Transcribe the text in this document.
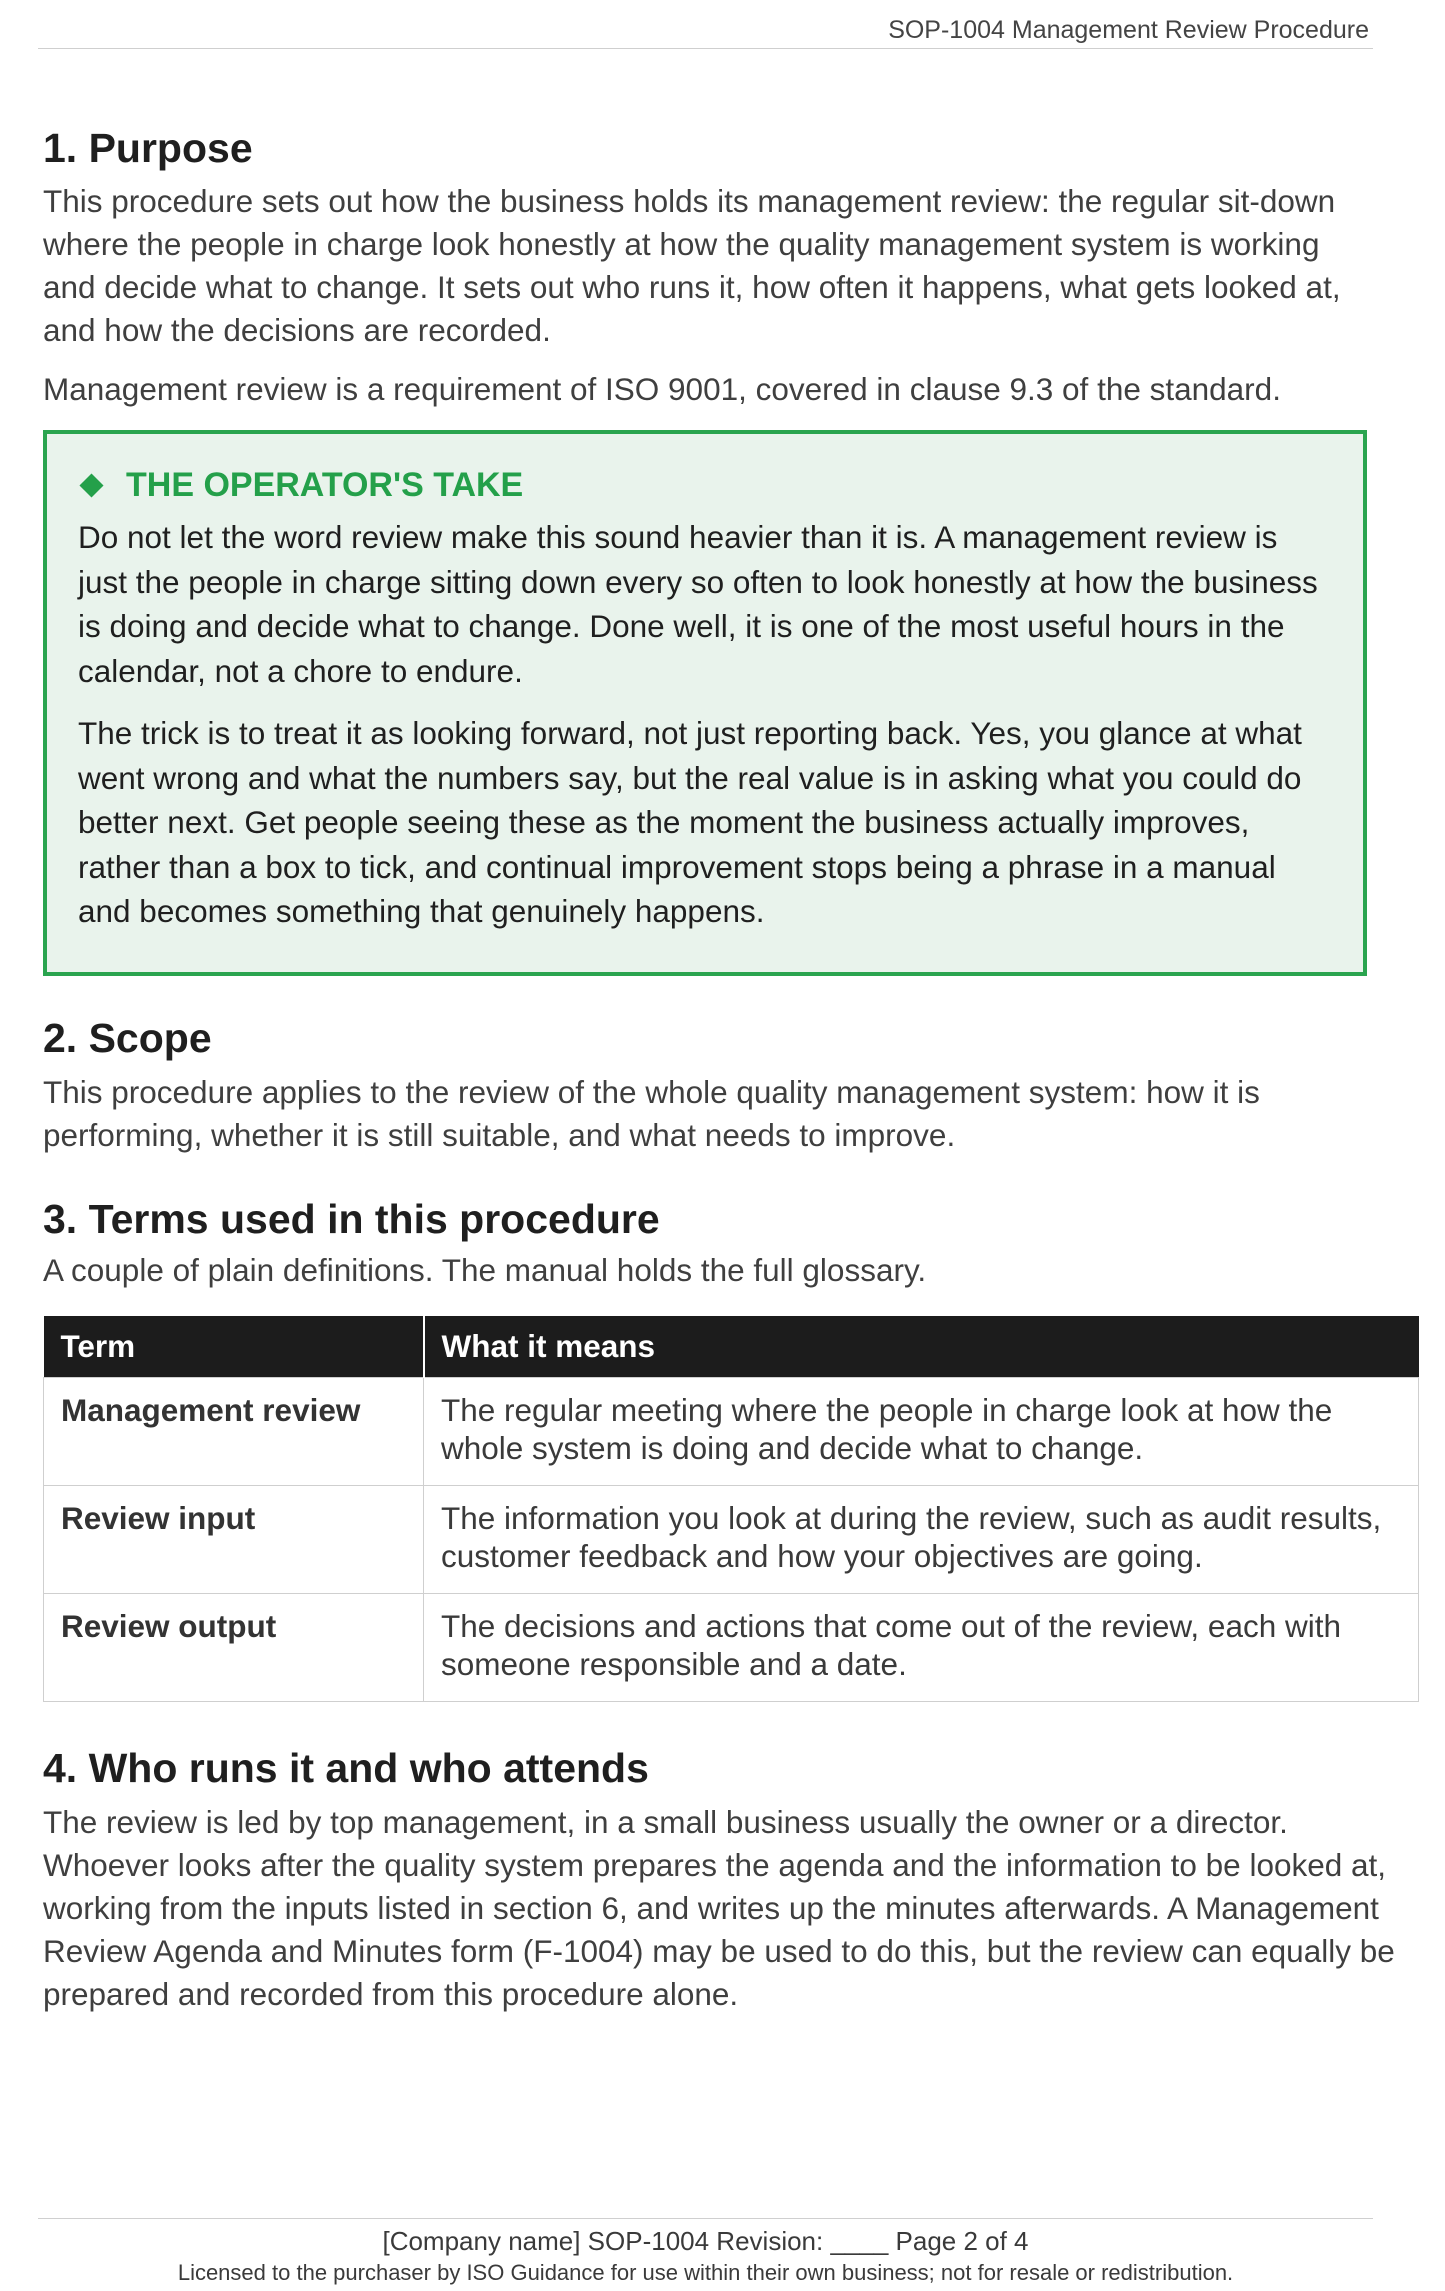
SOP-1004 Management Review Procedure
1. Purpose

This procedure sets out how the business holds its management review: the regular sit-down where the people in charge look honestly at how the quality management system is working and decide what to change. It sets out who runs it, how often it happens, what gets looked at, and how the decisions are recorded.

Management review is a requirement of ISO 9001, covered in clause 9.3 of the standard.

THE OPERATOR'S TAKE

Do not let the word review make this sound heavier than it is. A management review is just the people in charge sitting down every so often to look honestly at how the business is doing and decide what to change. Done well, it is one of the most useful hours in the calendar, not a chore to endure.

The trick is to treat it as looking forward, not just reporting back. Yes, you glance at what went wrong and what the numbers say, but the real value is in asking what you could do better next. Get people seeing these as the moment the business actually improves, rather than a box to tick, and continual improvement stops being a phrase in a manual and becomes something that genuinely happens.

2. Scope

This procedure applies to the review of the whole quality management system: how it is performing, whether it is still suitable, and what needs to improve.

3. Terms used in this procedure

A couple of plain definitions. The manual holds the full glossary.

Term	What it means
Management review	The regular meeting where the people in charge look at how the whole system is doing and decide what to change.
Review input	The information you look at during the review, such as audit results, customer feedback and how your objectives are going.
Review output	The decisions and actions that come out of the review, each with someone responsible and a date.
4. Who runs it and who attends

The review is led by top management, in a small business usually the owner or a director. Whoever looks after the quality system prepares the agenda and the information to be looked at, working from the inputs listed in section 6, and writes up the minutes afterwards. A Management Review Agenda and Minutes form (F-1004) may be used to do this, but the review can equally be prepared and recorded from this procedure alone.

[Company name] SOP-1004 Revision: ____ Page 2 of 4
Licensed to the purchaser by ISO Guidance for use within their own business; not for resale or redistribution.
